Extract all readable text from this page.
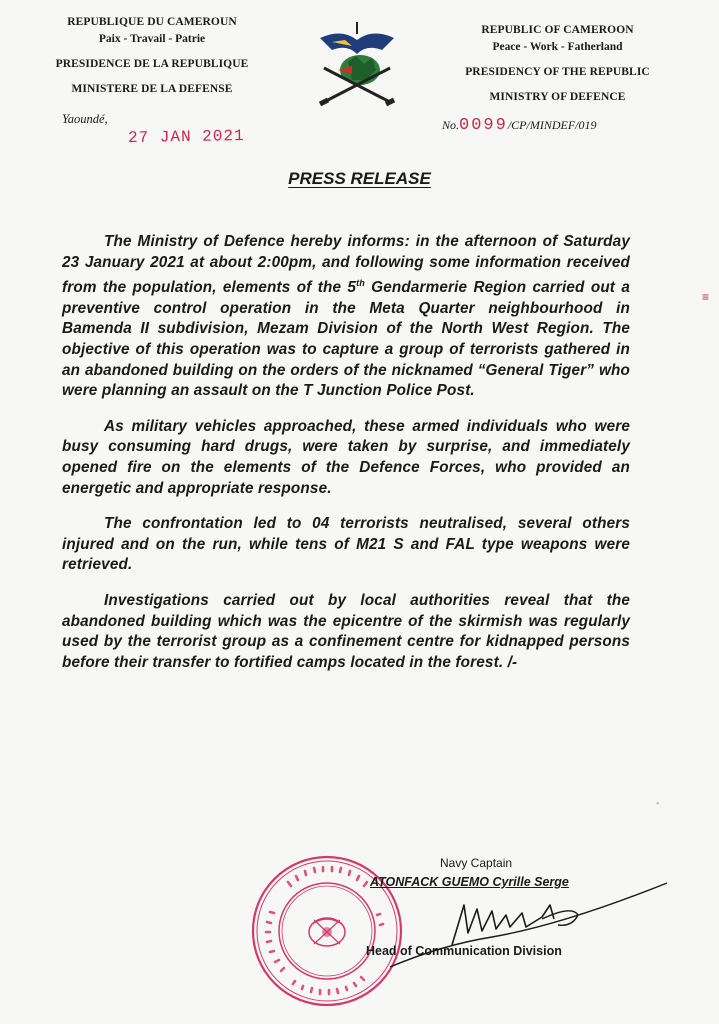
REPUBLIQUE DU CAMEROUN
Paix - Travail - Patrie
PRESIDENCE DE LA REPUBLIQUE
MINISTERE DE LA DEFENSE
REPUBLIC OF CAMEROON
Peace - Work - Fatherland
PRESIDENCY OF THE REPUBLIC
MINISTRY OF DEFENCE
Yaoundé,
27 JAN 2021
No.0099/CP/MINDEF/019
PRESS RELEASE

The Ministry of Defence hereby informs: in the afternoon of Saturday 23 January 2021 at about 2:00pm, and following some information received from the population, elements of the 5th Gendarmerie Region carried out a preventive control operation in the Meta Quarter neighbourhood in Bamenda II subdivision, Mezam Division of the North West Region. The objective of this operation was to capture a group of terrorists gathered in an abandoned building on the orders of the nicknamed “General Tiger” who were planning an assault on the T Junction Police Post.

As military vehicles approached, these armed individuals who were busy consuming hard drugs, were taken by surprise, and immediately opened fire on the elements of the Defence Forces, who provided an energetic and appropriate response.

The confrontation led to 04 terrorists neutralised, several others injured and on the run, while tens of M21 S and FAL type weapons were retrieved.

Investigations carried out by local authorities reveal that the abandoned building which was the epicentre of the skirmish was regularly used by the terrorist group as a confinement centre for kidnapped persons before their transfer to fortified camps located in the forest. /-

≡
-
Navy Captain
ATONFACK GUEMO Cyrille Serge
Head of Communication Division
